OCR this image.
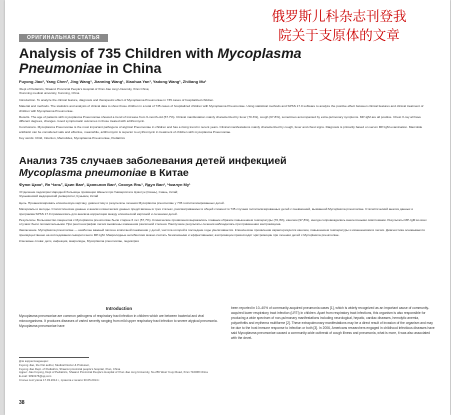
俄罗斯儿科杂志刊登我
院关于支原体的文章
ОРИГИНАЛЬНАЯ СТАТЬЯ
Analysis of 735 Children with Mycoplasma Pneumoniae in China
Fuyong Jiao¹, Yang Chen², Jing Wang¹, Jianning Wang¹, Xiaohua Yan¹, Yadong Wang¹, Zhiliang Mu¹
¹Dept of Pediatrics, Shaanxi Provincial People's Hospital of Xi'an Jiao tong University, Xi'an China;
²Kunming medical university, Kunming, China

Introduction. To analyze the clinical feature, diagnosis and therapeutic effect of Mycoplasma Pneumoniae in 735 cases of hospitalized children.

Material and methods. The statistics and analysis of clinical data to show those children in a total of 735 cases of hospitalized children with Mycoplasma Pneumoniae. Using statistical methods and SPSS 17.0 software to analyze the positive effect between clinical features and clinical treatment of children with Mycoplasma Pneumoniae.

Results. The age of patients with mycoplasma Pneumoniae showed a trend of increase from 6-month-old (57.7%). Clinical manifestation mainly characterized by fever (70.3%), cough (97.8%), sometimes accompanied by extra-pulmonary symptoms. MP-IgM are all positive. Chest X-ray all have different degrees, changes. Good symptomatic outcomes in those treated with azithromycin.

Conclusions. Mycoplasma Pneumoniae is the most important pathogens of atypical Pneumoniae in children and has a rising trend in recent years. Clinical manifestations mainly characterized by cough, fever and chest signs. Diagnosis is primarily based on serum MP-IgM examination. Macrolide antibiotic can be considered safe and effective, meanwhile, azithromycin is superior to erythromycin in treatment of children with mycoplasma Pneumoniae.

Key words: Child, Infection, Macrolides, Mycoplasma Pneumoniae, Pediatrics

Анализ 735 случаев заболевания детей инфекцией Mycoplasma pneumoniae в Китае
Фуюн Цзяо¹, Ян Чэнь², Цзин Ван¹, Цзяньнин Ван¹, Сяохуа Янь¹, Ядун Ван¹, Чжилун Му¹
¹Отделение педиатрии Народной больницы провинции Шэньси при Университете Цзяотун (Сиань), Сиань, Китай;
²Куньминский медицинский университет, Куньмин, Китай

Цель. Проанализировать клиническую картину, диагностику и результаты лечения Mycoplasma pneumoniae у 735 госпитализированных детей.

Материалы и методы. Статистические данные и анализ клинических данных представлены в трех статьях, рассматриваемых в общей сложности 735 случаев госпитализированных детей с пневмонией, вызванной Mycoplasma pneumoniae. Статистический анализ данных и программа SPSS 17.0 применялись для анализа корреляции между клинической картиной и лечением детей.

Результаты. Большинство пациентов с Mycoplasma pneumoniae были старше 6 лет (57,7%). Клинические проявления выражались главным образом повышением температуры (70,3%), кашлем (97,8%), иногда сопровождались внелегочными симптомами. Результаты MP-IgM во всех случаях были положительными. При рентгенографии легких выявлены изменения различной степени. Наилучшие результаты лечения наблюдались при применении азитромицина.

Заключение. Mycoplasma pneumoniae — наиболее важный патоген атипичной пневмонии у детей, частота которой в последние годы увеличивается. Клинические проявления характеризуются кашлем, повышением температуры и изменениями в легких. Диагностика основывается преимущественно на исследовании сывороточного MP-IgM. Макролидные антибиотики можно считать безопасными и эффективными; азитромицин превосходит эритромицин при лечении детей с Mycoplasma pneumoniae.

Ключевые слова: дети, инфекция, макролиды, Mycoplasma pneumoniae, педиатрия

Introduction

Mycoplasma pneumoniae are common pathogens of respiratory tract infection in children which are between bacterial and viral microorganisms. It produces diseases of varied severity ranging from mild upper respiratory tract infection to severe atypical pneumonia. Mycoplasma pneumoniae have

Для корреспонденции:
Fuyong Jiao, the first author, Medical Doctor & Professor,
Fuyong Jiao Dept. of Pediatrics, Shaanxi provincial people's hospital, Xi'an, China
Адрес: Jiao Fuyong, Dept of Pediatrics, Shaanxi Provincial People's Hospital of Xi'an Jiao tong University, No.256 West Youyi Road, Xi'an 710068 China
E-mail: 3093176@qq.com
Статья поступила 17.03.2014 г., принята к печати 30.05.2014 г.

been reported in 10–40% of community-acquired pneumonia cases [1], which is widely recognized as an important cause of community-acquired lower respiratory tract infection (LRTI) in children. Apart from respiratory tract infections, this organism is also responsible for producing a wide spectrum of non-pulmonary manifestations including neurological, hepatic, cardiac diseases, hemolytic anemia, polyarthritis and erythema multiforme [2]. These extrapulmonary manifestations may be a direct result of invasion of the organism and may be due to the host immune response to infection or both [3]. In 2006, Americans researchers engaged in childhood infectious diseases have said Mycoplasma pneumoniae caused a community-wide outbreak of cough illness and pneumonia, what is more, it was also associated with the devel-

38
